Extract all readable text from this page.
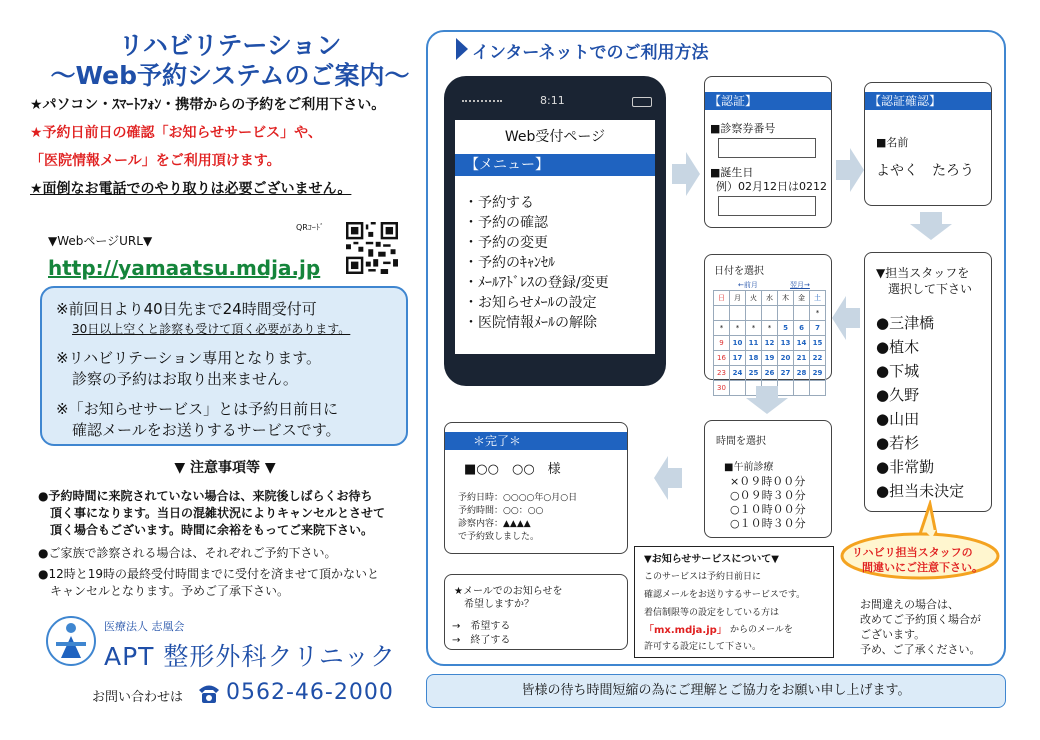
リハビリテーション
〜Web予約システムのご案内〜
★パソコン・ｽﾏｰﾄﾌｫﾝ・携帯からの予約をご利用下さい。
★予約日前日の確認「お知らせサービス」や、
「医院情報メール」をご利用頂けます。
★面倒なお電話でのやり取りは必要ございません。
▼WebページURL▼
http://yamaatsu.mdja.jp
QRｺｰﾄﾞ
※前回日より40日先まで24時間受付可
30日以上空くと診察も受けて頂く必要があります。
※リハビリテーション専用となります。
診察の予約はお取り出来ません。
※「お知らせサービス」とは予約日前日に
確認メールをお送りするサービスです。
▼ 注意事項等 ▼
●予約時間に来院されていない場合は、来院後しばらくお待ち
頂く事になります。当日の混雑状況によりキャンセルとさせて
頂く場合もございます。時間に余裕をもってご来院下さい。
●ご家族で診察される場合は、それぞれご予約下さい。
●12時と19時の最終受付時間までに受付を済ませて頂かないと
キャンセルとなります。予めご了承下さい。
医療法人 志凰会
APT 整形外科クリニック
お問い合わせは 0562-46-2000
インターネットでのご利用方法
8:11
Web受付ページ
【メニュー】
・予約する
・予約の確認
・予約の変更
・予約のｷｬﾝｾﾙ
・ﾒｰﾙｱﾄﾞﾚｽの登録/変更
・お知らせﾒｰﾙの設定
・医院情報ﾒｰﾙの解除
【認証】
■診察券番号
■誕生日
例）02月12日は0212
【認証確認】
■名前
よやく　たろう
▼担当スタッフを
選択して下さい
●三津橋
●植木
●下城
●久野
●山田
●若杉
●非常勤
●担当未決定
日付を選択
←前月	翌月→
日	月	火	水	木	金	土
						*
*	*	*	*	5	6	7
9	10	11	12	13	14	15
16	17	18	19	20	21	22
23	24	25	26	27	28	29
30						
時間を選択
■午前診療
×０９時００分
○０９時３０分
○１０時００分
○１０時３０分
＊完了＊
■○○　○○　様
予約日時：○○○○年○月○日
予約時間：○○：○○
診察内容：▲▲▲▲
で予約致しました。
★メールでのお知らせを
希望しますか？
→　希望する
→　終了する
▼お知らせサービスについて▼
このサービスは予約日前日に
確認メールをお送りするサービスです。
着信制限等の設定をしている方は
「mx.mdja.jp」 からのメールを
許可する設定にして下さい。
リハビリ担当スタッフの
間違いにご注意下さい。
お間違えの場合は、
改めてご予約頂く場合が
ございます。
予め、ご了承ください。
皆様の待ち時間短縮の為にご理解とご協力をお願い申し上げます。
